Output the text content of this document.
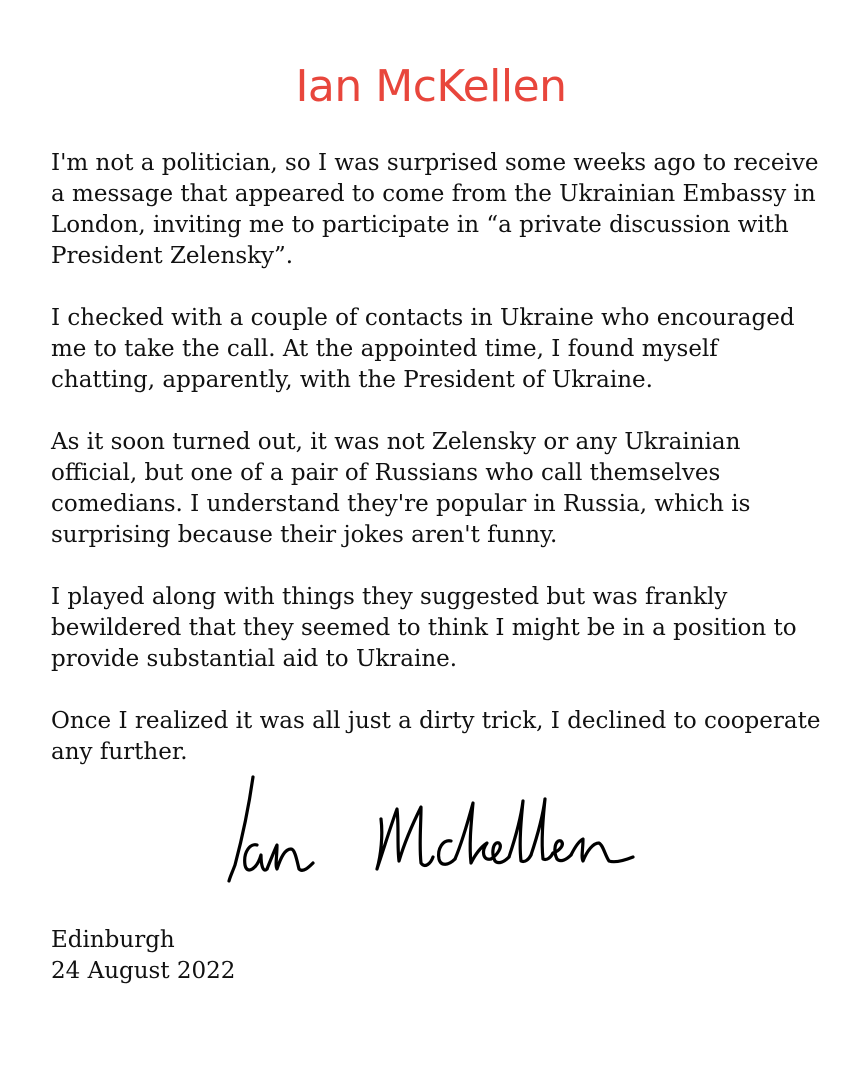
Ian McKellen

I'm not a politician, so I was surprised some weeks ago to receive a message that appeared to come from the Ukrainian Embassy in London, inviting me to participate in “a private discussion with President Zelensky”.

I checked with a couple of contacts in Ukraine who encouraged me to take the call. At the appointed time, I found myself chatting, apparently, with the President of Ukraine.

As it soon turned out, it was not Zelensky or any Ukrainian official, but one of a pair of Russians who call themselves comedians. I understand they're popular in Russia, which is surprising because their jokes aren't funny.

I played along with things they suggested but was frankly bewildered that they seemed to think I might be in a position to provide substantial aid to Ukraine.

Once I realized it was all just a dirty trick, I declined to cooperate any further.

Edinburgh
24 August 2022
